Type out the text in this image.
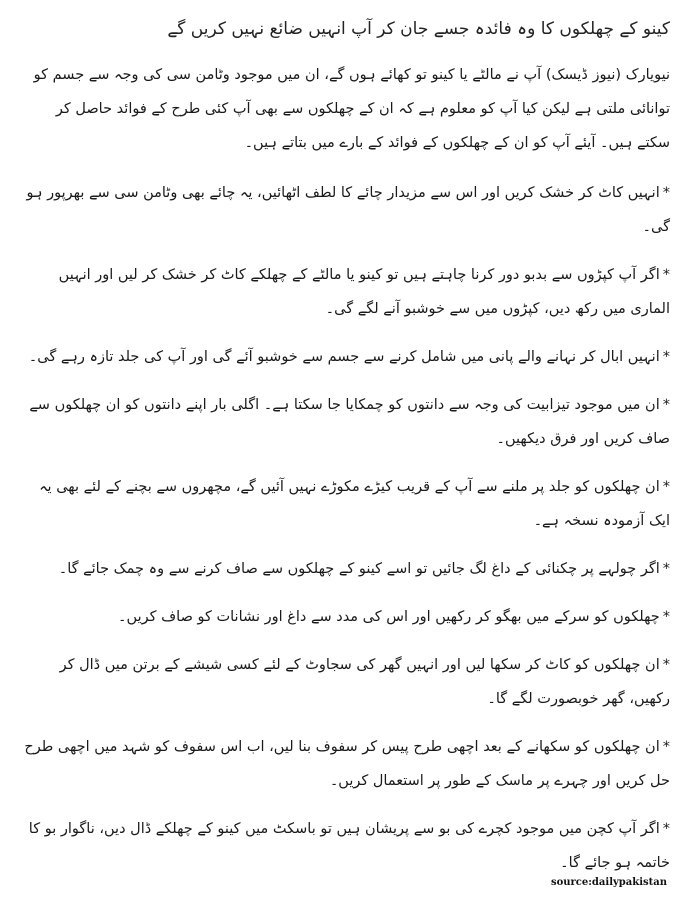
کینو کے چھلکوں کا وہ فائدہ جسے جان کر آپ انہیں ضائع نہیں کریں گے

نیویارک (نیوز ڈیسک) آپ نے مالٹے یا کینو تو کھائے ہوں گے، ان میں موجود وٹامن سی کی وجہ سے جسم کو توانائی ملتی ہے لیکن کیا آپ کو معلوم ہے کہ ان کے چھلکوں سے بھی آپ کئی طرح کے فوائد حاصل کر سکتے ہیں۔ آیئے آپ کو ان کے چھلکوں کے فوائد کے بارے میں بتاتے ہیں۔

*انہیں کاٹ کر خشک کریں اور اس سے مزیدار چائے کا لطف اٹھائیں، یہ چائے بھی وٹامن سی سے بھرپور ہو گی۔

*اگر آپ کپڑوں سے بدبو دور کرنا چاہتے ہیں تو کینو یا مالٹے کے چھلکے کاٹ کر خشک کر لیں اور انہیں الماری میں رکھ دیں، کپڑوں میں سے خوشبو آنے لگے گی۔

*انہیں ابال کر نہانے والے پانی میں شامل کرنے سے جسم سے خوشبو آئے گی اور آپ کی جلد تازہ رہے گی۔

*ان میں موجود تیزابیت کی وجہ سے دانتوں کو چمکایا جا سکتا ہے۔ اگلی بار اپنے دانتوں کو ان چھلکوں سے صاف کریں اور فرق دیکھیں۔

*ان چھلکوں کو جلد پر ملنے سے آپ کے قریب کیڑے مکوڑے نہیں آئیں گے، مچھروں سے بچنے کے لئے بھی یہ ایک آزمودہ نسخہ ہے۔

*اگر چولہے پر چکنائی کے داغ لگ جائیں تو اسے کینو کے چھلکوں سے صاف کرنے سے وہ چمک جائے گا۔

*چھلکوں کو سرکے میں بھگو کر رکھیں اور اس کی مدد سے داغ اور نشانات کو صاف کریں۔

*ان چھلکوں کو کاٹ کر سکھا لیں اور انہیں گھر کی سجاوٹ کے لئے کسی شیشے کے برتن میں ڈال کر رکھیں، گھر خوبصورت لگے گا۔

*ان چھلکوں کو سکھانے کے بعد اچھی طرح پیس کر سفوف بنا لیں، اب اس سفوف کو شہد میں اچھی طرح حل کریں اور چہرے پر ماسک کے طور پر استعمال کریں۔

*اگر آپ کچن میں موجود کچرے کی بو سے پریشان ہیں تو باسکٹ میں کینو کے چھلکے ڈال دیں، ناگوار بو کا خاتمہ ہو جائے گا۔

source:dailypakistan
